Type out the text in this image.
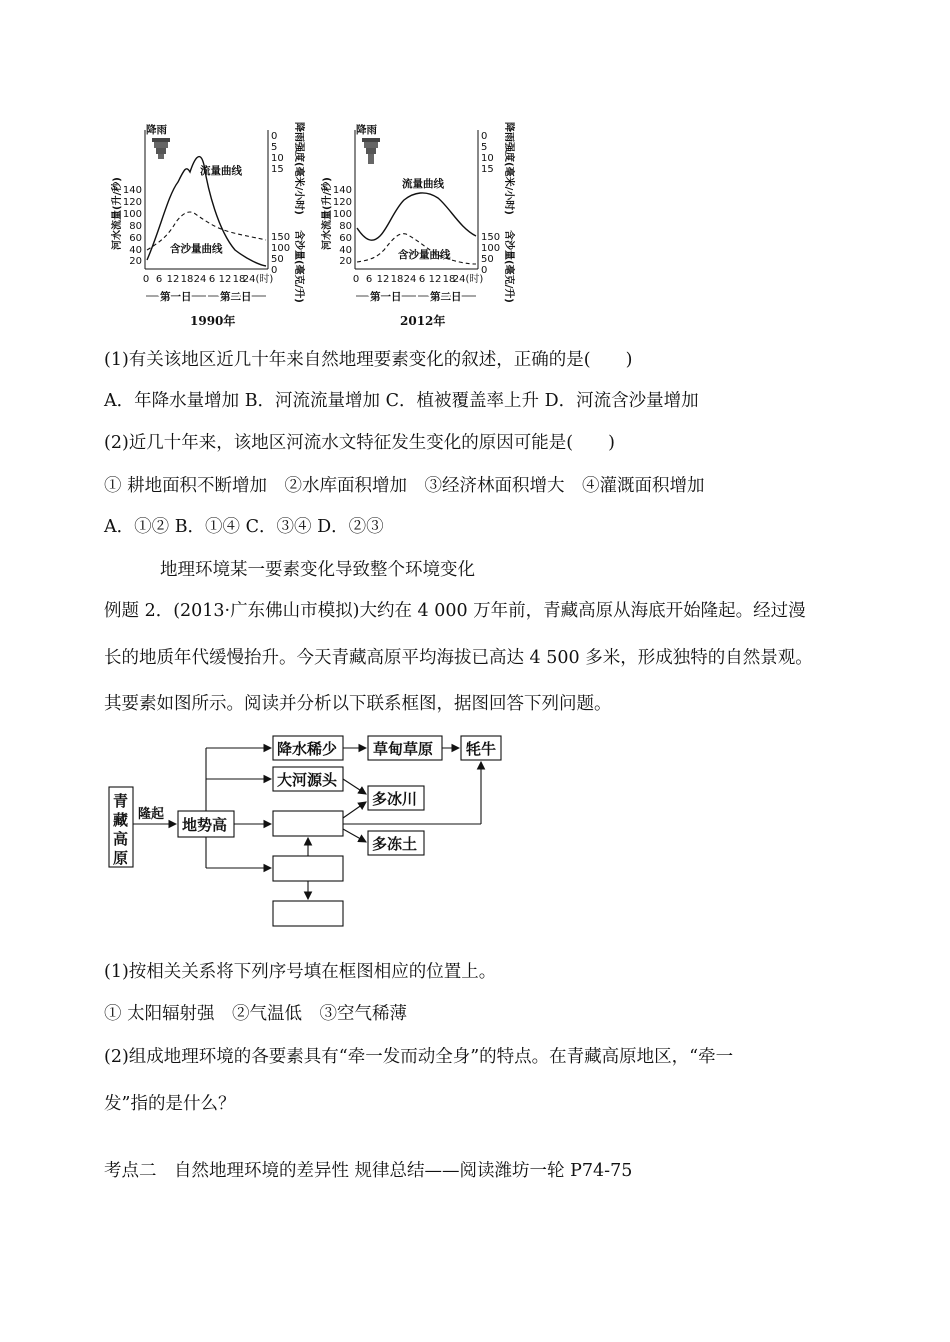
降雨
140
120
100
80
60
40
20
河水流量(升/秒)
0
5
10
15
150
100
50
0
降雨强度(毫米/小时)
含沙量(毫克/升)
流量曲线
含沙量曲线
0 6 12 18 24 6 12 18
24(时)
第一日	第二日
1990年
降雨
140
120
100
80
60
40
20
河水流量(升/秒)
0
5
10
15
150
100
50
0
降雨强度(毫米/小时)
含沙量(毫克/升)
流量曲线
含沙量曲线
0 6 12 18 24 6 12 18
24(时)
第一日	第二日
2012年
(1)有关该地区近几十年来自然地理要素变化的叙述，正确的是(　　)
A．年降水量增加 B．河流流量增加 C．植被覆盖率上升 D．河流含沙量增加
(2)近几十年来，该地区河流水文特征发生变化的原因可能是(　　)
① 耕地面积不断增加　②水库面积增加　③经济林面积增大　④灌溉面积增加
A．①② B．①④ C．③④ D．②③
地理环境某一要素变化导致整个环境变化
例题 2．(2013·广东佛山市模拟)大约在 4 000 万年前，青藏高原从海底开始隆起。经过漫
长的地质年代缓慢抬升。今天青藏高原平均海拔已高达 4 500 多米，形成独特的自然景观。
其要素如图所示。阅读并分析以下联系框图，据图回答下列问题。
青
藏
高
原
隆起
地势高
降水稀少 草甸草原 牦牛
大河源头
多冰川
多冻土
(1)按相关关系将下列序号填在框图相应的位置上。
① 太阳辐射强　②气温低　③空气稀薄
(2)组成地理环境的各要素具有“牵一发而动全身”的特点。在青藏高原地区，“牵一
发”指的是什么？
考点二　自然地理环境的差异性 规律总结——阅读潍坊一轮 P74-75
